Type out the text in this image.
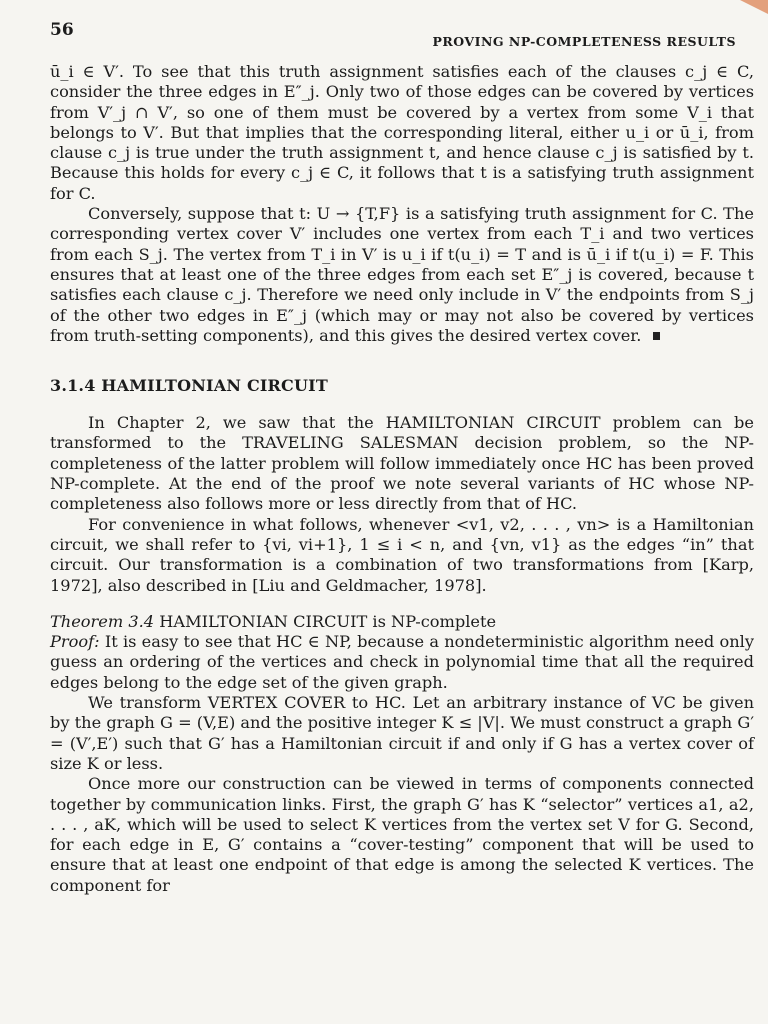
56
PROVING NP-COMPLETENESS RESULTS

ū_i ∈ V′. To see that this truth assignment satisfies each of the clauses c_j ∈ C, consider the three edges in E″_j. Only two of those edges can be covered by vertices from V′_j ∩ V′, so one of them must be covered by a vertex from some V_i that belongs to V′. But that implies that the corresponding literal, either u_i or ū_i, from clause c_j is true under the truth assignment t, and hence clause c_j is satisfied by t. Because this holds for every c_j ∈ C, it follows that t is a satisfying truth assignment for C.

Conversely, suppose that t: U → {T,F} is a satisfying truth assignment for C. The corresponding vertex cover V′ includes one vertex from each T_i and two vertices from each S_j. The vertex from T_i in V′ is u_i if t(u_i) = T and is ū_i if t(u_i) = F. This ensures that at least one of the three edges from each set E″_j is covered, because t satisfies each clause c_j. Therefore we need only include in V′ the endpoints from S_j of the other two edges in E″_j (which may or may not also be covered by vertices from truth-setting components), and this gives the desired vertex cover.

3.1.4 HAMILTONIAN CIRCUIT

In Chapter 2, we saw that the HAMILTONIAN CIRCUIT problem can be transformed to the TRAVELING SALESMAN decision problem, so the NP-completeness of the latter problem will follow immediately once HC has been proved NP-complete. At the end of the proof we note several variants of HC whose NP-completeness also follows more or less directly from that of HC.

For convenience in what follows, whenever <v1, v2, . . . , vn> is a Hamiltonian circuit, we shall refer to {vi, vi+1}, 1 ≤ i < n, and {vn, v1} as the edges “in” that circuit. Our transformation is a combination of two transformations from [Karp, 1972], also described in [Liu and Geldmacher, 1978].

Theorem 3.4 HAMILTONIAN CIRCUIT is NP-complete

Proof: It is easy to see that HC ∈ NP, because a nondeterministic algorithm need only guess an ordering of the vertices and check in polynomial time that all the required edges belong to the edge set of the given graph.

We transform VERTEX COVER to HC. Let an arbitrary instance of VC be given by the graph G = (V,E) and the positive integer K ≤ |V|. We must construct a graph G′ = (V′,E′) such that G′ has a Hamiltonian circuit if and only if G has a vertex cover of size K or less.

Once more our construction can be viewed in terms of components connected together by communication links. First, the graph G′ has K “selector” vertices a1, a2, . . . , aK, which will be used to select K vertices from the vertex set V for G. Second, for each edge in E, G′ contains a “cover-testing” component that will be used to ensure that at least one endpoint of that edge is among the selected K vertices. The component for
